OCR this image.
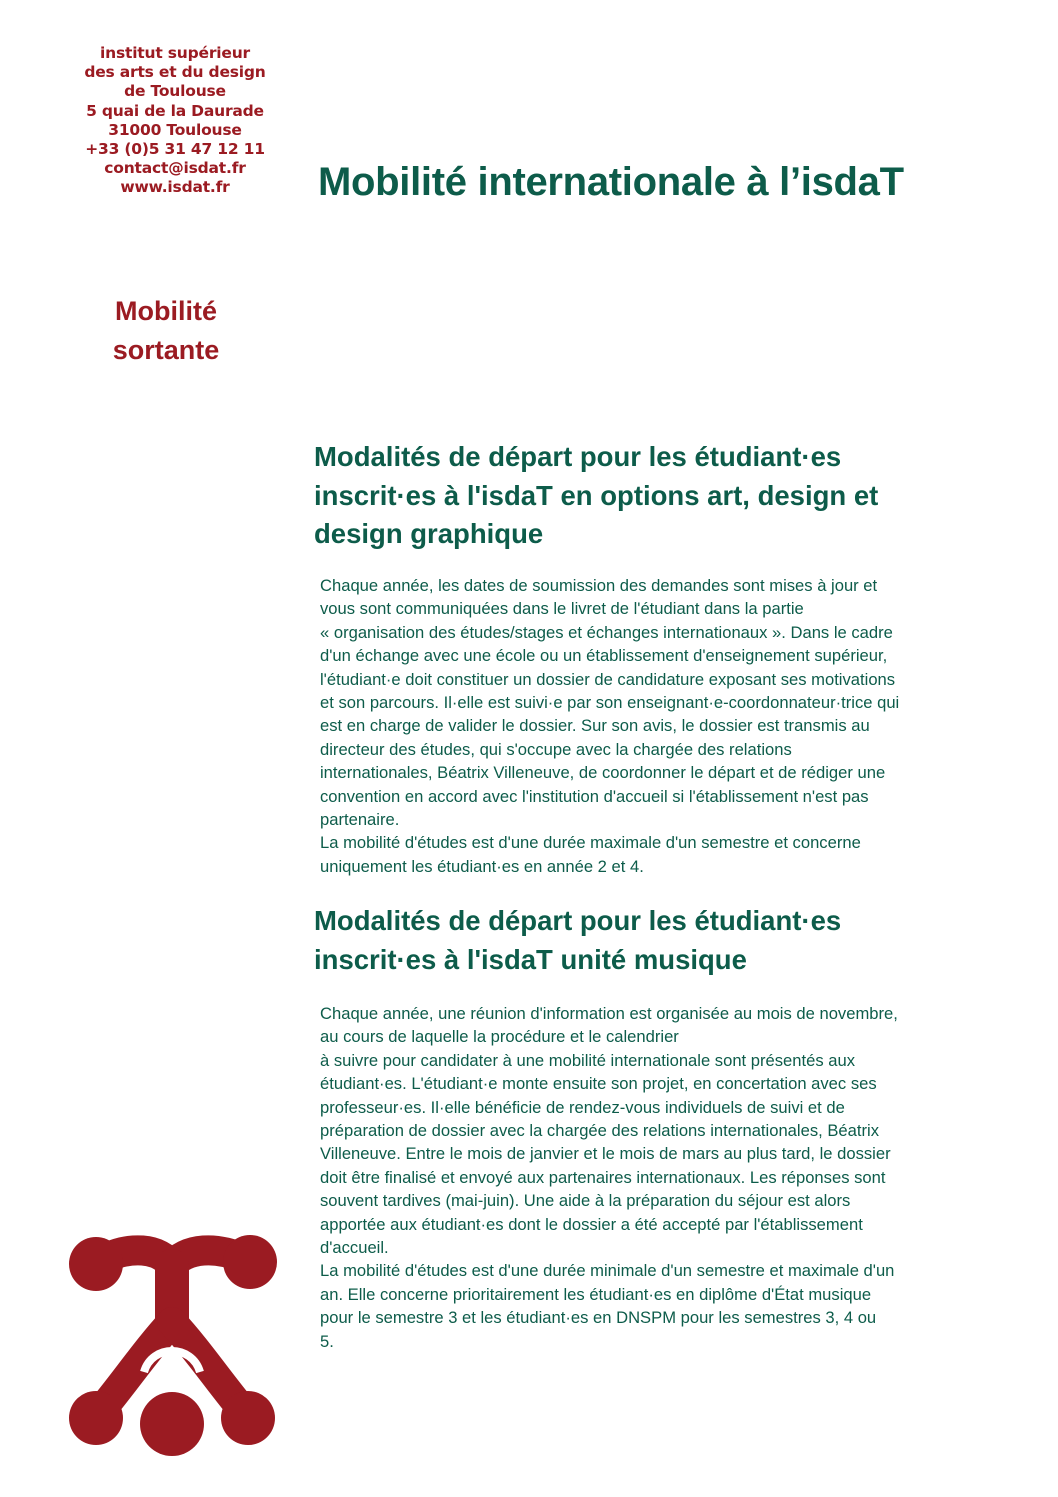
institut supérieur
des arts et du design
de Toulouse
5 quai de la Daurade
31000 Toulouse
+33 (0)5 31 47 12 11
contact@isdat.fr
www.isdat.fr	Mobilité internationale à l’isdaT
Mobilité
sortante
Modalités de départ pour les étudiant·es
inscrit·es à l'isdaT en options art, design et
design graphique
Chaque année, les dates de soumission des demandes sont mises à jour et
vous sont communiquées dans le livret de l'étudiant dans la partie
« organisation des études/stages et échanges internationaux ». Dans le cadre
d'un échange avec une école ou un établissement d'enseignement supérieur,
l'étudiant·e doit constituer un dossier de candidature exposant ses motivations
et son parcours. Il·elle est suivi·e par son enseignant·e-coordonnateur·trice qui
est en charge de valider le dossier. Sur son avis, le dossier est transmis au
directeur des études, qui s'occupe avec la chargée des relations
internationales, Béatrix Villeneuve, de coordonner le départ et de rédiger une
convention en accord avec l'institution d'accueil si l'établissement n'est pas
partenaire.
La mobilité d'études est d'une durée maximale d'un semestre et concerne
uniquement les étudiant·es en année 2 et 4.
Modalités de départ pour les étudiant·es
inscrit·es à l'isdaT unité musique
Chaque année, une réunion d'information est organisée au mois de novembre,
au cours de laquelle la procédure et le calendrier
à suivre pour candidater à une mobilité internationale sont présentés aux
étudiant·es. L'étudiant·e monte ensuite son projet, en concertation avec ses
professeur·es. Il·elle bénéficie de rendez-vous individuels de suivi et de
préparation de dossier avec la chargée des relations internationales, Béatrix
Villeneuve. Entre le mois de janvier et le mois de mars au plus tard, le dossier
doit être finalisé et envoyé aux partenaires internationaux. Les réponses sont
souvent tardives (mai-juin). Une aide à la préparation du séjour est alors
apportée aux étudiant·es dont le dossier a été accepté par l'établissement
d'accueil.
La mobilité d'études est d'une durée minimale d'un semestre et maximale d'un
an. Elle concerne prioritairement les étudiant·es en diplôme d'État musique
pour le semestre 3 et les étudiant·es en DNSPM pour les semestres 3, 4 ou
5.
